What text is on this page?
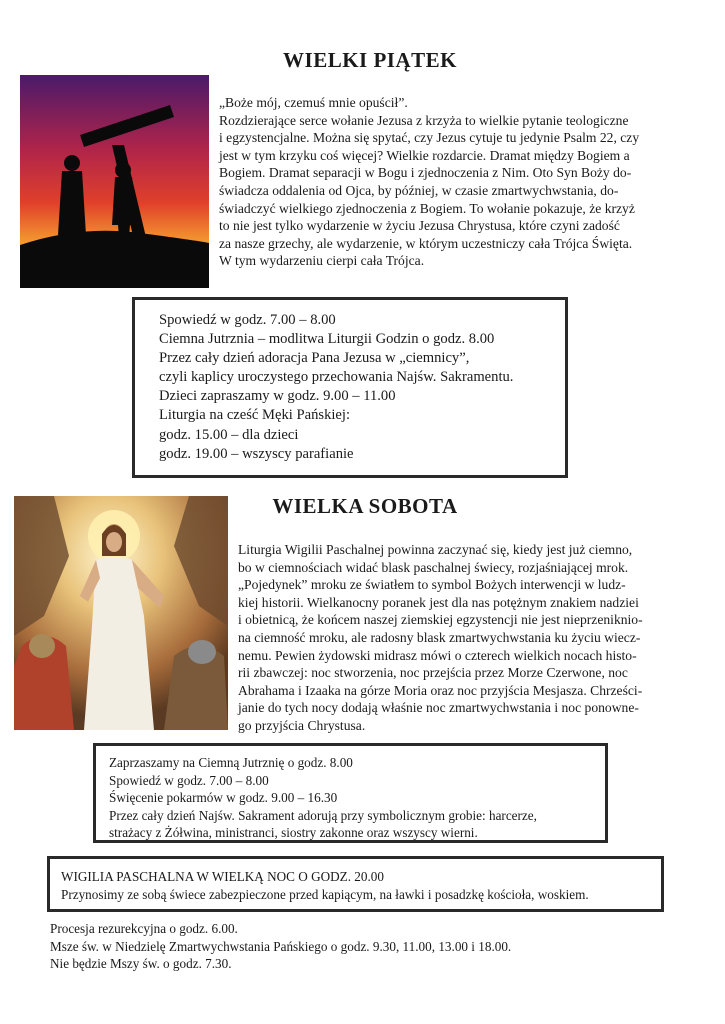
WIELKI PIĄTEK

„Boże mój, czemuś mnie opuścił”.

Rozdzierające serce wołanie Jezusa z krzyża to wielkie pytanie teologiczne

i egzystencjalne. Można się spytać, czy Jezus cytuje tu jedynie Psalm 22, czy

jest w tym krzyku coś więcej? Wielkie rozdarcie. Dramat między Bogiem a

Bogiem. Dramat separacji w Bogu i zjednoczenia z Nim. Oto Syn Boży do-

świadcza oddalenia od Ojca, by później, w czasie zmartwychwstania, do-

świadczyć wielkiego zjednoczenia z Bogiem. To wołanie pokazuje, że krzyż

to nie jest tylko wydarzenie w życiu Jezusa Chrystusa, które czyni zadość

za nasze grzechy, ale wydarzenie, w którym uczestniczy cała Trójca Święta.

W tym wydarzeniu cierpi cała Trójca.

Spowiedź w godz. 7.00 – 8.00

Ciemna Jutrznia – modlitwa Liturgii Godzin o godz. 8.00

Przez cały dzień adoracja Pana Jezusa w „ciemnicy”,

czyli kaplicy uroczystego przechowania Najśw. Sakramentu.

Dzieci zapraszamy w godz. 9.00 – 11.00

Liturgia na cześć Męki Pańskiej:

godz. 15.00 – dla dzieci

godz. 19.00 – wszyscy parafianie

WIELKA SOBOTA

Liturgia Wigilii Paschalnej powinna zaczynać się, kiedy jest już ciemno,

bo w ciemnościach widać blask paschalnej świecy, rozjaśniającej mrok.

„Pojedynek” mroku ze światłem to symbol Bożych interwencji w ludz-

kiej historii. Wielkanocny poranek jest dla nas potężnym znakiem nadziei

i obietnicą, że końcem naszej ziemskiej egzystencji nie jest nieprzeniknio-

na ciemność mroku, ale radosny blask zmartwychwstania ku życiu wiecz-

nemu. Pewien żydowski midrasz mówi o czterech wielkich nocach histo-

rii zbawczej: noc stworzenia, noc przejścia przez Morze Czerwone, noc

Abrahama i Izaaka na górze Moria oraz noc przyjścia Mesjasza. Chrześci-

janie do tych nocy dodają właśnie noc zmartwychwstania i noc ponowne-

go przyjścia Chrystusa.

Zaprzaszamy na Ciemną Jutrznię o godz. 8.00

Spowiedź w godz. 7.00 – 8.00

Święcenie pokarmów w godz. 9.00 – 16.30

Przez cały dzień Najśw. Sakrament adorują przy symbolicznym grobie: harcerze,

strażacy z Żółwina, ministranci, siostry zakonne oraz wszyscy wierni.

WIGILIA PASCHALNA W WIELKĄ NOC O GODZ. 20.00

Przynosimy ze sobą świece zabezpieczone przed kapiącym, na ławki i posadzkę kościoła, woskiem.

Procesja rezurekcyjna o godz. 6.00.

Msze św. w Niedzielę Zmartwychwstania Pańskiego o godz. 9.30, 11.00, 13.00 i 18.00.

Nie będzie Mszy św. o godz. 7.30.
